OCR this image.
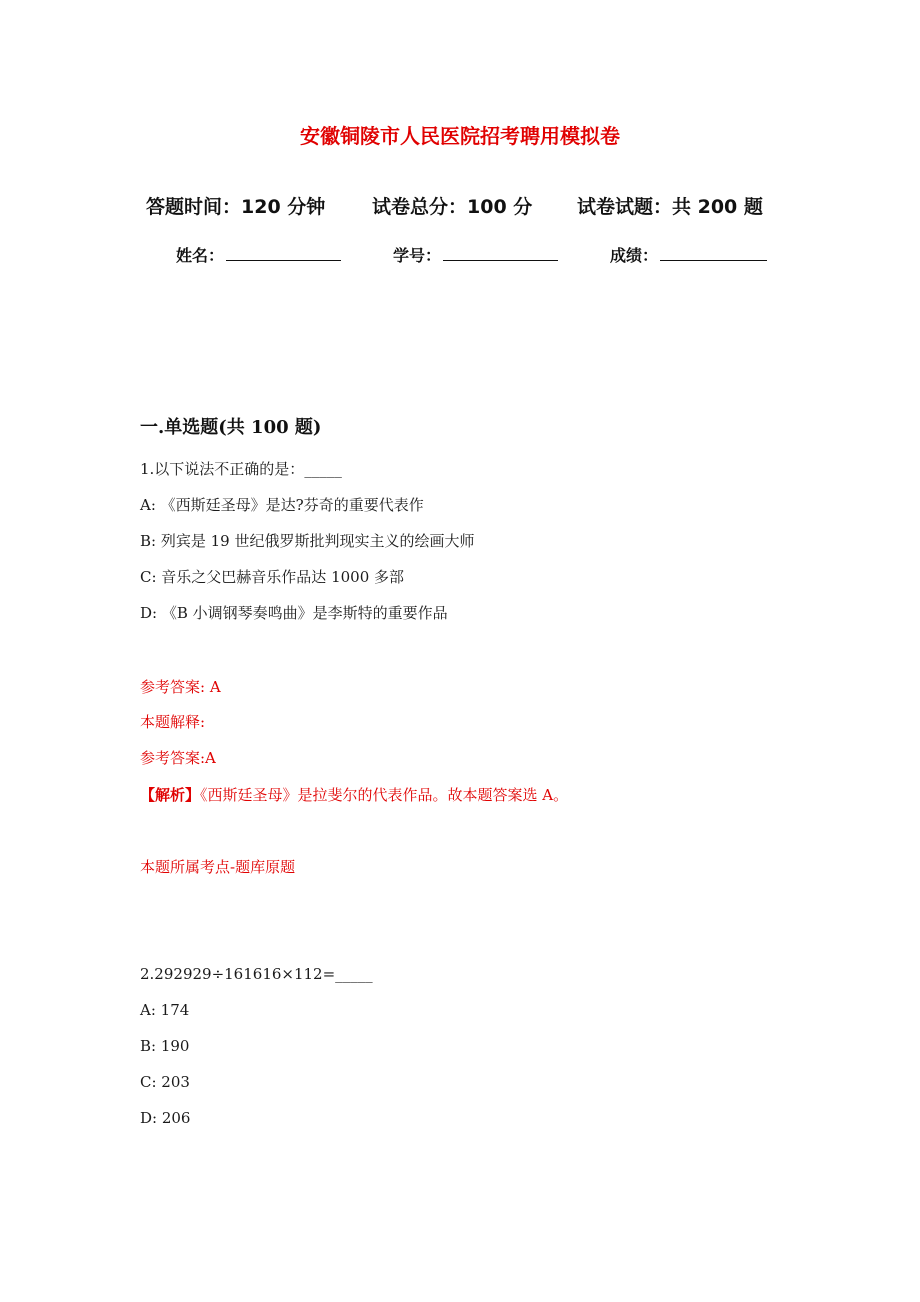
安徽铜陵市人民医院招考聘用模拟卷
答题时间：120 分钟 试卷总分：100 分 试卷试题：共 200 题
姓名：	学号：	成绩：
一.单选题(共 100 题)
1.以下说法不正确的是：_____
A: 《西斯廷圣母》是达?芬奇的重要代表作
B: 列宾是 19 世纪俄罗斯批判现实主义的绘画大师
C: 音乐之父巴赫音乐作品达 1000 多部
D: 《B 小调钢琴奏鸣曲》是李斯特的重要作品
参考答案: A
本题解释:
参考答案:A
【解析】《西斯廷圣母》是拉斐尔的代表作品。故本题答案选 A。
本题所属考点-题库原题
2.292929÷161616×112=_____
A: 174
B: 190
C: 203
D: 206
